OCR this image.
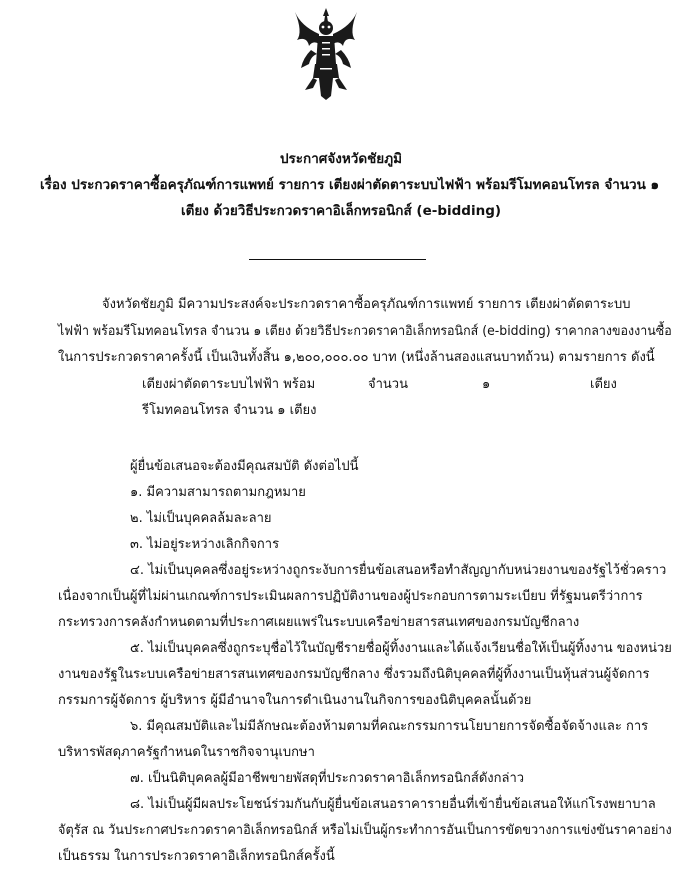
ประกาศจังหวัดชัยภูมิ
เรื่อง ประกวดราคาซื้อครุภัณฑ์การแพทย์ รายการ เตียงผ่าตัดตาระบบไฟฟ้า พร้อมรีโมทคอนโทรล จำนวน ๑
เตียง ด้วยวิธีประกวดราคาอิเล็กทรอนิกส์ (e-bidding)
จังหวัดชัยภูมิ มีความประสงค์จะประกวดราคาซื้อครุภัณฑ์การแพทย์ รายการ เตียงผ่าตัดตาระบบ
ไฟฟ้า พร้อมรีโมทคอนโทรล จำนวน ๑ เตียง ด้วยวิธีประกวดราคาอิเล็กทรอนิกส์ (e-bidding) ราคากลางของงานซื้อ
ในการประกวดราคาครั้งนี้ เป็นเงินทั้งสิ้น ๑,๒๐๐,๐๐๐.๐๐ บาท (หนึ่งล้านสองแสนบาทถ้วน) ตามรายการ ดังนี้
เตียงผ่าตัดตาระบบไฟฟ้า พร้อม	จำนวน	๑	เตียง
รีโมทคอนโทรล จำนวน ๑ เตียง
ผู้ยื่นข้อเสนอจะต้องมีคุณสมบัติ ดังต่อไปนี้
๑. มีความสามารถตามกฎหมาย
๒. ไม่เป็นบุคคลล้มละลาย
๓. ไม่อยู่ระหว่างเลิกกิจการ
๔. ไม่เป็นบุคคลซึ่งอยู่ระหว่างถูกระงับการยื่นข้อเสนอหรือทำสัญญากับหน่วยงานของรัฐไว้ชั่วคราว
เนื่องจากเป็นผู้ที่ไม่ผ่านเกณฑ์การประเมินผลการปฏิบัติงานของผู้ประกอบการตามระเบียบ ที่รัฐมนตรีว่าการ
กระทรวงการคลังกำหนดตามที่ประกาศเผยแพร่ในระบบเครือข่ายสารสนเทศของกรมบัญชีกลาง
๕. ไม่เป็นบุคคลซึ่งถูกระบุชื่อไว้ในบัญชีรายชื่อผู้ทิ้งงานและได้แจ้งเวียนชื่อให้เป็นผู้ทิ้งงาน ของหน่วย
งานของรัฐในระบบเครือข่ายสารสนเทศของกรมบัญชีกลาง ซึ่งรวมถึงนิติบุคคลที่ผู้ทิ้งงานเป็นหุ้นส่วนผู้จัดการ
กรรมการผู้จัดการ ผู้บริหาร ผู้มีอำนาจในการดำเนินงานในกิจการของนิติบุคคลนั้นด้วย
๖. มีคุณสมบัติและไม่มีลักษณะต้องห้ามตามที่คณะกรรมการนโยบายการจัดซื้อจัดจ้างและ การ
บริหารพัสดุภาครัฐกำหนดในราชกิจจานุเบกษา
๗. เป็นนิติบุคคลผู้มีอาชีพขายพัสดุที่ประกวดราคาอิเล็กทรอนิกส์ดังกล่าว
๘. ไม่เป็นผู้มีผลประโยชน์ร่วมกันกับผู้ยื่นข้อเสนอราคารายอื่นที่เข้ายื่นข้อเสนอให้แก่โรงพยาบาล
จัตุรัส ณ วันประกาศประกวดราคาอิเล็กทรอนิกส์ หรือไม่เป็นผู้กระทำการอันเป็นการขัดขวางการแข่งขันราคาอย่าง
เป็นธรรม ในการประกวดราคาอิเล็กทรอนิกส์ครั้งนี้
